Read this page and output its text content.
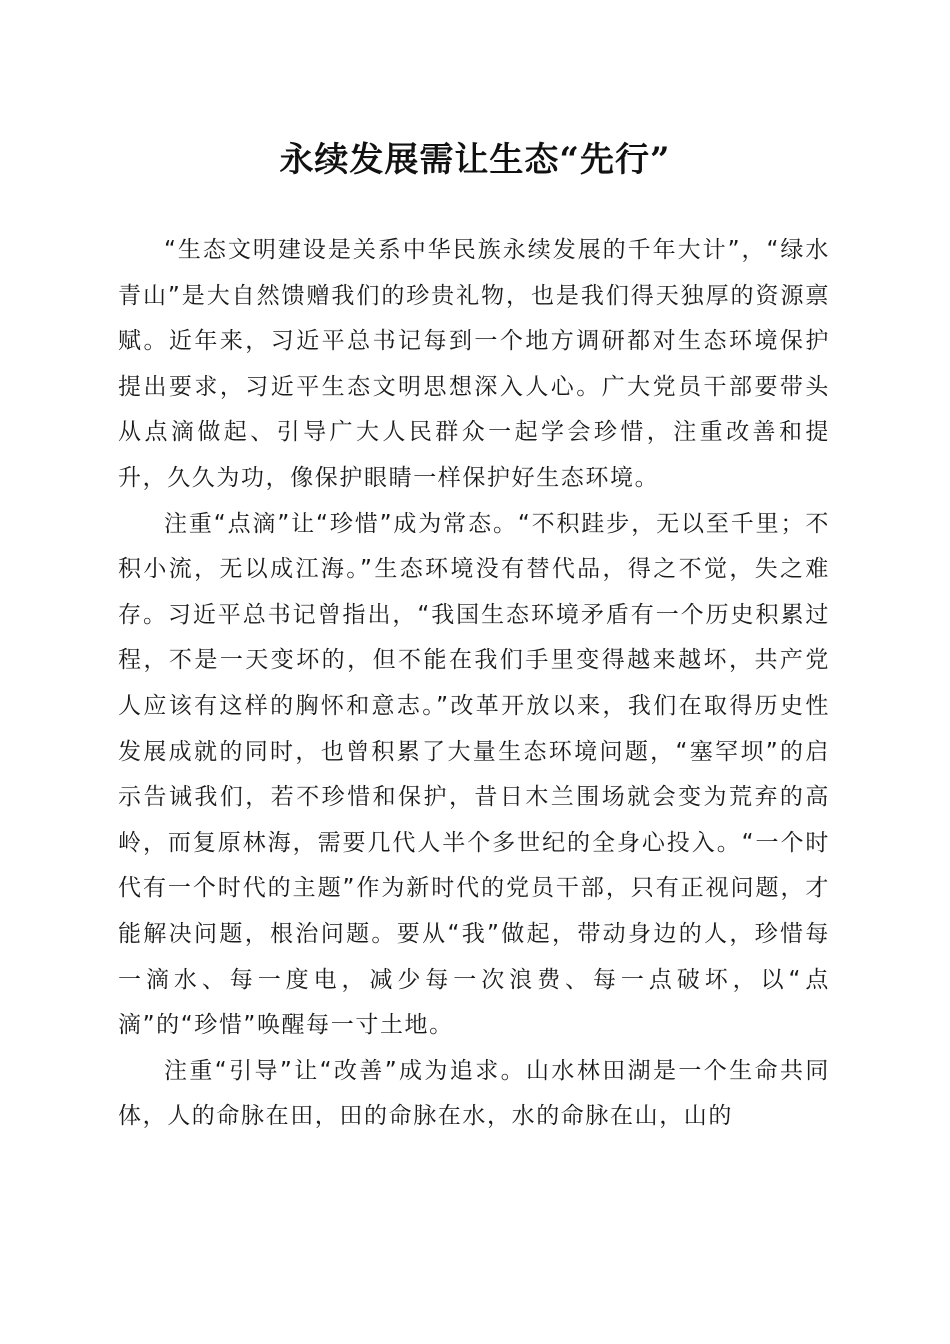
永续发展需让生态“先行”

“生态文明建设是关系中华民族永续发展的千年大计”，“绿水青山”是大自然馈赠我们的珍贵礼物，也是我们得天独厚的资源禀赋。近年来，习近平总书记每到一个地方调研都对生态环境保护提出要求，习近平生态文明思想深入人心。广大党员干部要带头从点滴做起、引导广大人民群众一起学会珍惜，注重改善和提升，久久为功，像保护眼睛一样保护好生态环境。

注重“点滴”让“珍惜”成为常态。“不积跬步，无以至千里；不积小流，无以成江海。”生态环境没有替代品，得之不觉，失之难存。习近平总书记曾指出，“我国生态环境矛盾有一个历史积累过程，不是一天变坏的，但不能在我们手里变得越来越坏，共产党人应该有这样的胸怀和意志。”改革开放以来，我们在取得历史性发展成就的同时，也曾积累了大量生态环境问题，“塞罕坝”的启示告诫我们，若不珍惜和保护，昔日木兰围场就会变为荒弃的高岭，而复原林海，需要几代人半个多世纪的全身心投入。“一个时代有一个时代的主题”作为新时代的党员干部，只有正视问题，才能解决问题，根治问题。要从“我”做起，带动身边的人，珍惜每一滴水、每一度电，减少每一次浪费、每一点破坏，以“点滴”的“珍惜”唤醒每一寸土地。

注重“引导”让“改善”成为追求。山水林田湖是一个生命共同体，人的命脉在田，田的命脉在水，水的命脉在山，山的
